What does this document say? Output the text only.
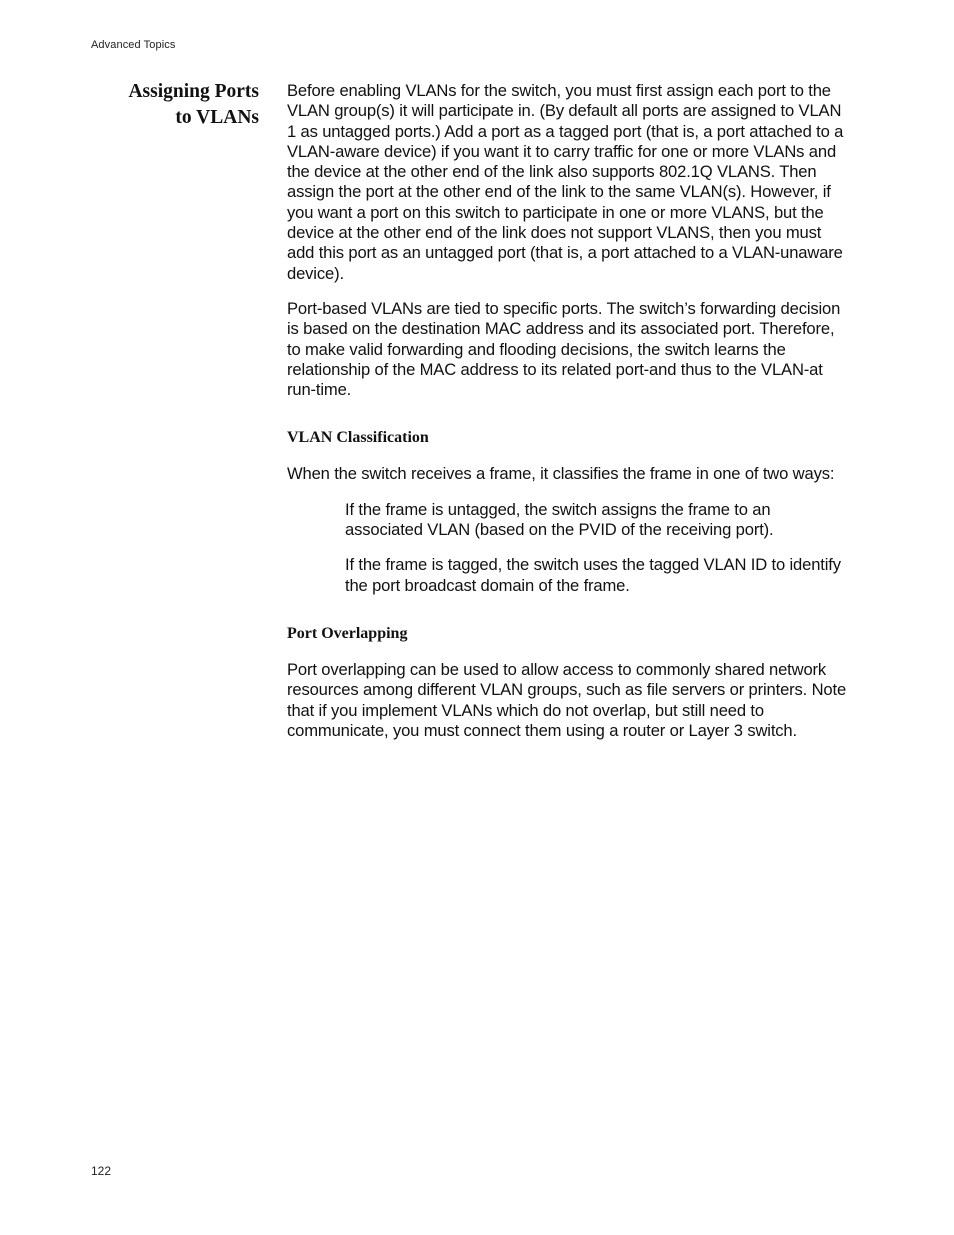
Advanced Topics
Assigning Ports
to VLANs

Before enabling VLANs for the switch, you must first assign each port to the VLAN group(s) it will participate in. (By default all ports are assigned to VLAN 1 as untagged ports.) Add a port as a tagged port (that is, a port attached to a VLAN-aware device) if you want it to carry traffic for one or more VLANs and the device at the other end of the link also supports 802.1Q VLANS. Then assign the port at the other end of the link to the same VLAN(s). However, if you want a port on this switch to participate in one or more VLANS, but the device at the other end of the link does not support VLANS, then you must add this port as an untagged port (that is, a port attached to a VLAN-unaware device).

Port-based VLANs are tied to specific ports. The switch’s forwarding decision is based on the destination MAC address and its associated port. Therefore, to make valid forwarding and flooding decisions, the switch learns the relationship of the MAC address to its related port-and thus to the VLAN-at run-time.

VLAN Classification

When the switch receives a frame, it classifies the frame in one of two ways:

If the frame is untagged, the switch assigns the frame to an associated VLAN (based on the PVID of the receiving port).

If the frame is tagged, the switch uses the tagged VLAN ID to identify the port broadcast domain of the frame.

Port Overlapping

Port overlapping can be used to allow access to commonly shared network resources among different VLAN groups, such as file servers or printers. Note that if you implement VLANs which do not overlap, but still need to communicate, you must connect them using a router or Layer 3 switch.

122
